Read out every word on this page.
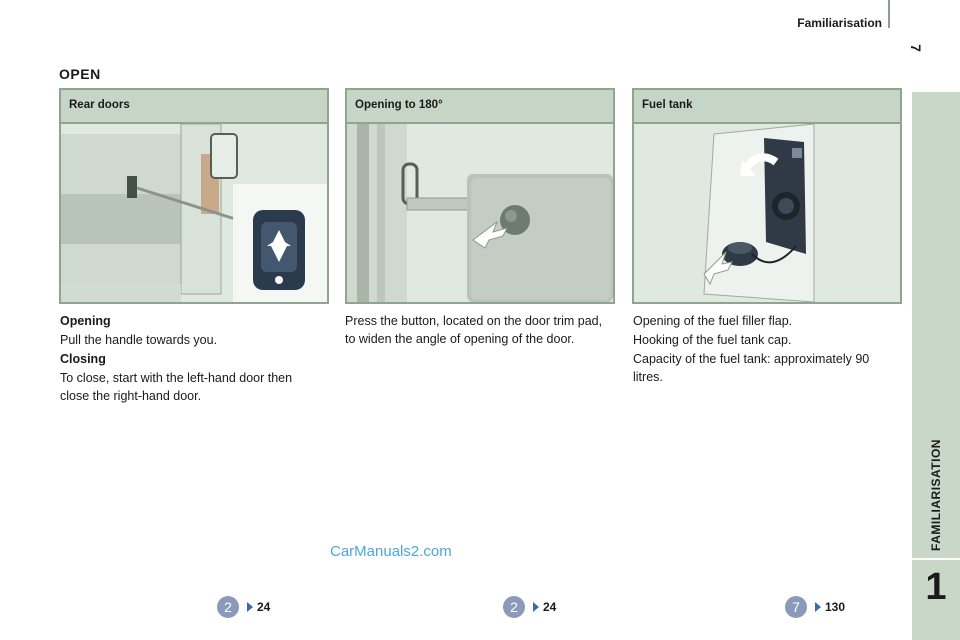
Familiarisation
7
FAMILIARISATION
1
OPEN
Rear doors	Opening to 180°	Fuel tank

Opening

Pull the handle towards you.

Closing

To close, start with the left-hand door then close the right-hand door.

Press the button, located on the door trim pad, to widen the angle of opening of the door.

Opening of the fuel filler flap.

Hooking of the fuel tank cap.

Capacity of the fuel tank: approximately 90 litres.

CarManuals2.com
2	24	2	24	7	130
